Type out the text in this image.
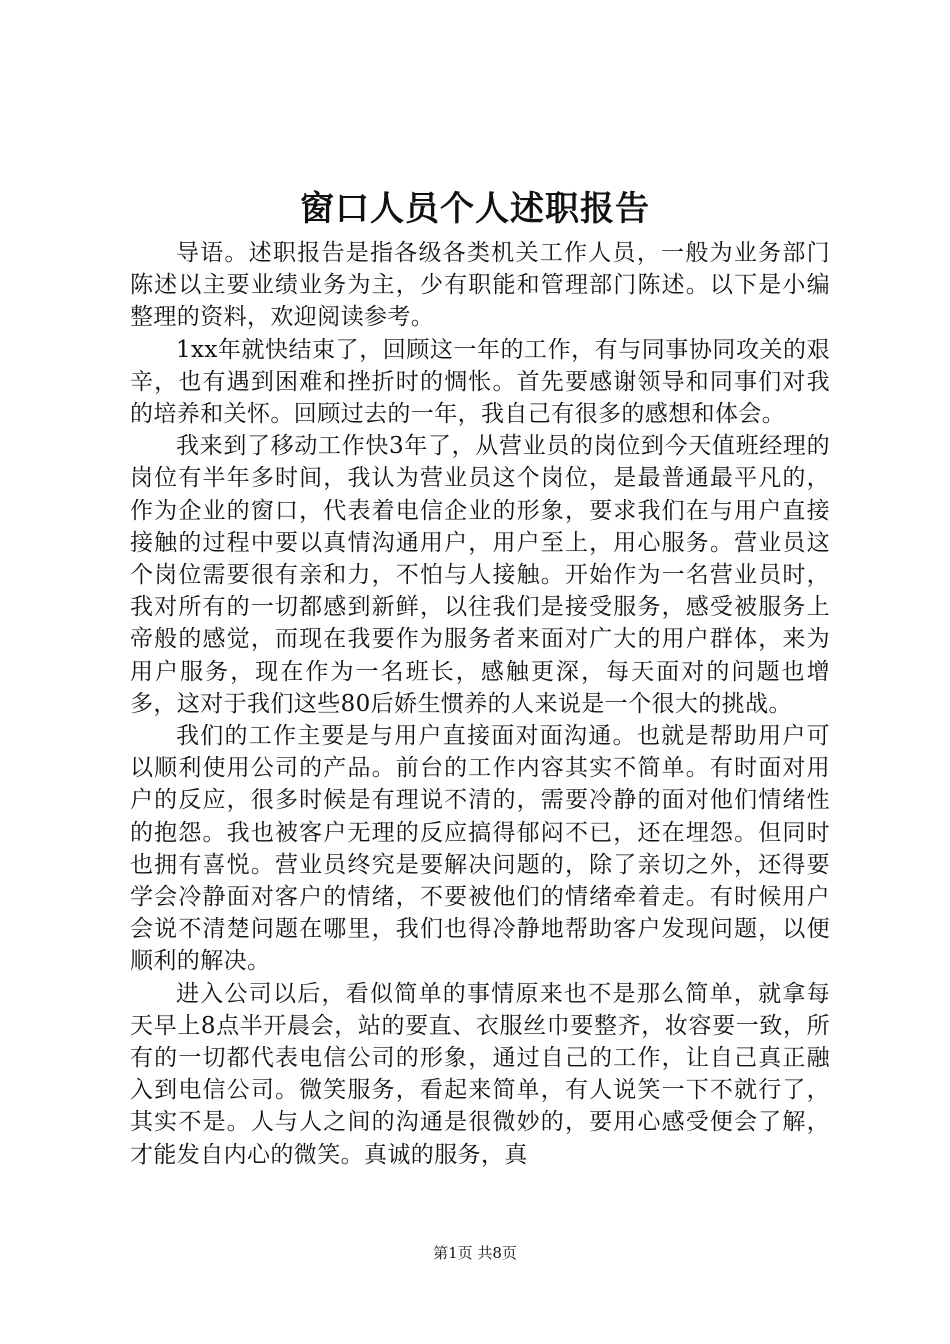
窗口人员个人述职报告

导语。述职报告是指各级各类机关工作人员，一般为业务部门陈述以主要业绩业务为主，少有职能和管理部门陈述。以下是小编整理的资料，欢迎阅读参考。

1xx年就快结束了，回顾这一年的工作，有与同事协同攻关的艰辛，也有遇到困难和挫折时的惆怅。首先要感谢领导和同事们对我的培养和关怀。回顾过去的一年，我自己有很多的感想和体会。

我来到了移动工作快3年了，从营业员的岗位到今天值班经理的岗位有半年多时间，我认为营业员这个岗位，是最普通最平凡的，作为企业的窗口，代表着电信企业的形象，要求我们在与用户直接接触的过程中要以真情沟通用户，用户至上，用心服务。营业员这个岗位需要很有亲和力，不怕与人接触。开始作为一名营业员时，我对所有的一切都感到新鲜，以往我们是接受服务，感受被服务上帝般的感觉，而现在我要作为服务者来面对广大的用户群体，来为用户服务，现在作为一名班长，感触更深，每天面对的问题也增多，这对于我们这些80后娇生惯养的人来说是一个很大的挑战。

我们的工作主要是与用户直接面对面沟通。也就是帮助用户可以顺利使用公司的产品。前台的工作内容其实不简单。有时面对用户的反应，很多时候是有理说不清的，需要冷静的面对他们情绪性的抱怨。我也被客户无理的反应搞得郁闷不已，还在埋怨。但同时也拥有喜悦。营业员终究是要解决问题的，除了亲切之外，还得要学会冷静面对客户的情绪，不要被他们的情绪牵着走。有时候用户会说不清楚问题在哪里，我们也得冷静地帮助客户发现问题，以便顺利的解决。

进入公司以后，看似简单的事情原来也不是那么简单，就拿每天早上8点半开晨会，站的要直、衣服丝巾要整齐，妆容要一致，所有的一切都代表电信公司的形象，通过自己的工作，让自己真正融入到电信公司。微笑服务，看起来简单，有人说笑一下不就行了，其实不是。人与人之间的沟通是很微妙的，要用心感受便会了解，才能发自内心的微笑。真诚的服务，真

第1页 共8页
